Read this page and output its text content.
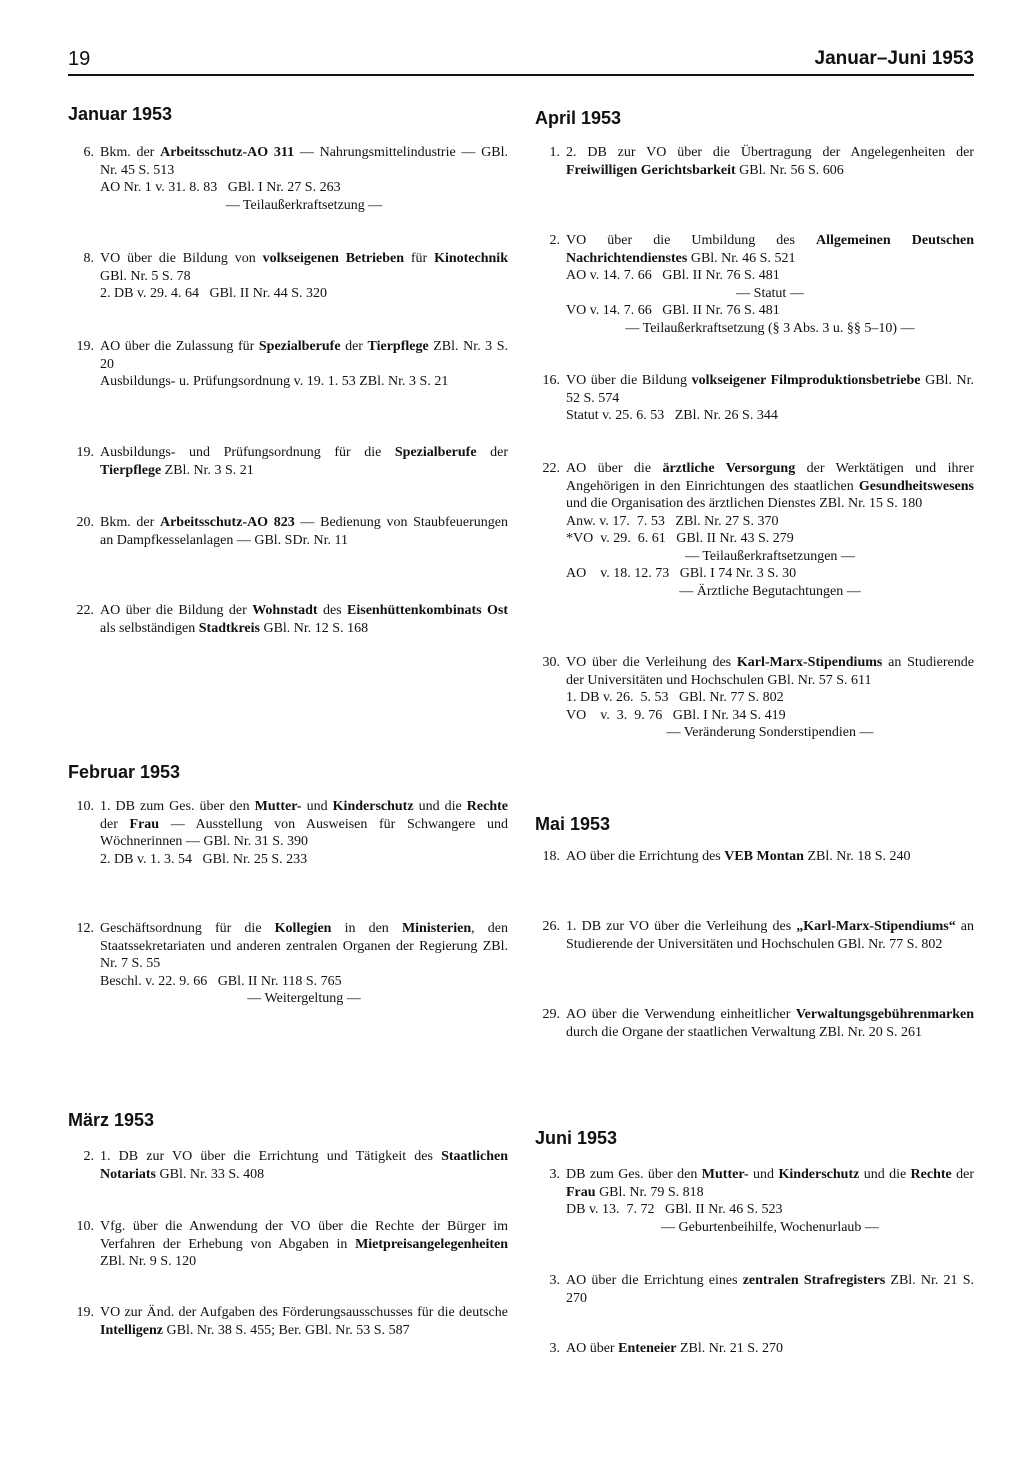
19	Januar–Juni 1953
Januar 1953
6. Bkm. der Arbeitsschutz-AO 311 — Nahrungsmittelindustrie — GBl. Nr. 45 S. 513
AO Nr. 1 v. 31. 8. 83   GBl. I Nr. 27 S. 263
— Teilaußerkraftsetzung —
8. VO über die Bildung von volkseigenen Betrieben für Kinotechnik GBl. Nr. 5 S. 78
2. DB v. 29. 4. 64   GBl. II Nr. 44 S. 320
19. AO über die Zulassung für Spezialberufe der Tierpflege ZBl. Nr. 3 S. 20
Ausbildungs- u. Prüfungsordnung v. 19. 1. 53 ZBl. Nr. 3 S. 21
19. Ausbildungs- und Prüfungsordnung für die Spezialberufe der Tierpflege ZBl. Nr. 3 S. 21
20. Bkm. der Arbeitsschutz-AO 823 — Bedienung von Staubfeuerungen an Dampfkesselanlagen — GBl. SDr. Nr. 11
22. AO über die Bildung der Wohnstadt des Eisenhüttenkombinats Ost als selbständigen Stadtkreis GBl. Nr. 12 S. 168
Februar 1953
10. 1. DB zum Ges. über den Mutter- und Kinderschutz und die Rechte der Frau — Ausstellung von Ausweisen für Schwangere und Wöchnerinnen — GBl. Nr. 31 S. 390
2. DB v. 1. 3. 54   GBl. Nr. 25 S. 233
12. Geschäftsordnung für die Kollegien in den Ministerien, den Staatssekretariaten und anderen zentralen Organen der Regierung ZBl. Nr. 7 S. 55
Beschl. v. 22. 9. 66   GBl. II Nr. 118 S. 765
— Weitergeltung —
März 1953
2. 1. DB zur VO über die Errichtung und Tätigkeit des Staatlichen Notariats GBl. Nr. 33 S. 408
10. Vfg. über die Anwendung der VO über die Rechte der Bürger im Verfahren der Erhebung von Abgaben in Mietpreisangelegenheiten ZBl. Nr. 9 S. 120
19. VO zur Änd. der Aufgaben des Förderungsausschusses für die deutsche Intelligenz GBl. Nr. 38 S. 455; Ber. GBl. Nr. 53 S. 587
April 1953
1. 2. DB zur VO über die Übertragung der Angelegenheiten der Freiwilligen Gerichtsbarkeit GBl. Nr. 56 S. 606
2. VO über die Umbildung des Allgemeinen Deutschen Nachrichtendienstes GBl. Nr. 46 S. 521
AO v. 14. 7. 66   GBl. II Nr. 76 S. 481
— Statut —
VO v. 14. 7. 66   GBl. II Nr. 76 S. 481
— Teilaußerkraftsetzung (§ 3 Abs. 3 u. §§ 5–10) —
16. VO über die Bildung volkseigener Filmproduktionsbetriebe GBl. Nr. 52 S. 574
Statut v. 25. 6. 53   ZBl. Nr. 26 S. 344
22. AO über die ärztliche Versorgung der Werktätigen und ihrer Angehörigen in den Einrichtungen des staatlichen Gesundheitswesens und die Organisation des ärztlichen Dienstes ZBl. Nr. 15 S. 180
Anw. v. 17.  7. 53   ZBl. Nr. 27 S. 370
*VO  v. 29.  6. 61   GBl. II Nr. 43 S. 279
— Teilaußerkraftsetzungen —
AO    v. 18. 12. 73   GBl. I 74 Nr. 3 S. 30
— Ärztliche Begutachtungen —
30. VO über die Verleihung des Karl-Marx-Stipendiums an Studierende der Universitäten und Hochschulen GBl. Nr. 57 S. 611
1. DB v. 26.  5. 53   GBl. Nr. 77 S. 802
VO    v.  3.  9. 76   GBl. I Nr. 34 S. 419
— Veränderung Sonderstipendien —
Mai 1953
18. AO über die Errichtung des VEB Montan ZBl. Nr. 18 S. 240
26. 1. DB zur VO über die Verleihung des „Karl-Marx-Stipendiums“ an Studierende der Universitäten und Hochschulen GBl. Nr. 77 S. 802
29. AO über die Verwendung einheitlicher Verwaltungsgebührenmarken durch die Organe der staatlichen Verwaltung ZBl. Nr. 20 S. 261
Juni 1953
3. DB zum Ges. über den Mutter- und Kinderschutz und die Rechte der Frau GBl. Nr. 79 S. 818
DB v. 13.  7. 72   GBl. II Nr. 46 S. 523
— Geburtenbeihilfe, Wochenurlaub —
3. AO über die Errichtung eines zentralen Strafregisters ZBl. Nr. 21 S. 270
3. AO über Enteneier ZBl. Nr. 21 S. 270
